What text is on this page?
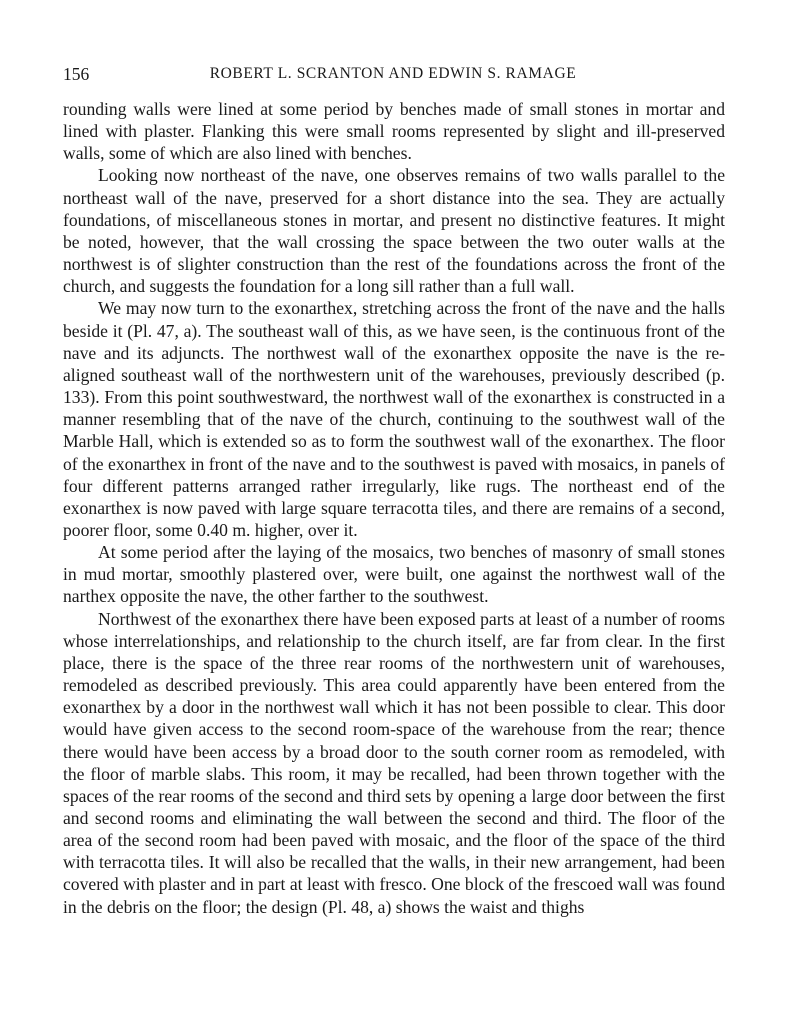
156	ROBERT L. SCRANTON AND EDWIN S. RAMAGE

rounding walls were lined at some period by benches made of small stones in mortar and lined with plaster. Flanking this were small rooms represented by slight and ill-preserved walls, some of which are also lined with benches.

Looking now northeast of the nave, one observes remains of two walls parallel to the northeast wall of the nave, preserved for a short distance into the sea. They are actually foundations, of miscellaneous stones in mortar, and present no distinctive features. It might be noted, however, that the wall crossing the space between the two outer walls at the northwest is of slighter construction than the rest of the foundations across the front of the church, and suggests the foundation for a long sill rather than a full wall.

We may now turn to the exonarthex, stretching across the front of the nave and the halls beside it (Pl. 47, a). The southeast wall of this, as we have seen, is the continuous front of the nave and its adjuncts. The northwest wall of the exonarthex opposite the nave is the re-aligned southeast wall of the northwestern unit of the warehouses, previously described (p. 133). From this point southwestward, the northwest wall of the exonarthex is constructed in a manner resembling that of the nave of the church, continuing to the southwest wall of the Marble Hall, which is extended so as to form the southwest wall of the exonarthex. The floor of the exonarthex in front of the nave and to the southwest is paved with mosaics, in panels of four different patterns arranged rather irregularly, like rugs. The northeast end of the exonarthex is now paved with large square terracotta tiles, and there are remains of a second, poorer floor, some 0.40 m. higher, over it.

At some period after the laying of the mosaics, two benches of masonry of small stones in mud mortar, smoothly plastered over, were built, one against the northwest wall of the narthex opposite the nave, the other farther to the southwest.

Northwest of the exonarthex there have been exposed parts at least of a number of rooms whose interrelationships, and relationship to the church itself, are far from clear. In the first place, there is the space of the three rear rooms of the northwestern unit of warehouses, remodeled as described previously. This area could apparently have been entered from the exonarthex by a door in the northwest wall which it has not been possible to clear. This door would have given access to the second room-space of the warehouse from the rear; thence there would have been access by a broad door to the south corner room as remodeled, with the floor of marble slabs. This room, it may be recalled, had been thrown together with the spaces of the rear rooms of the second and third sets by opening a large door between the first and second rooms and eliminating the wall between the second and third. The floor of the area of the second room had been paved with mosaic, and the floor of the space of the third with terracotta tiles. It will also be recalled that the walls, in their new arrangement, had been covered with plaster and in part at least with fresco. One block of the frescoed wall was found in the debris on the floor; the design (Pl. 48, a) shows the waist and thighs
